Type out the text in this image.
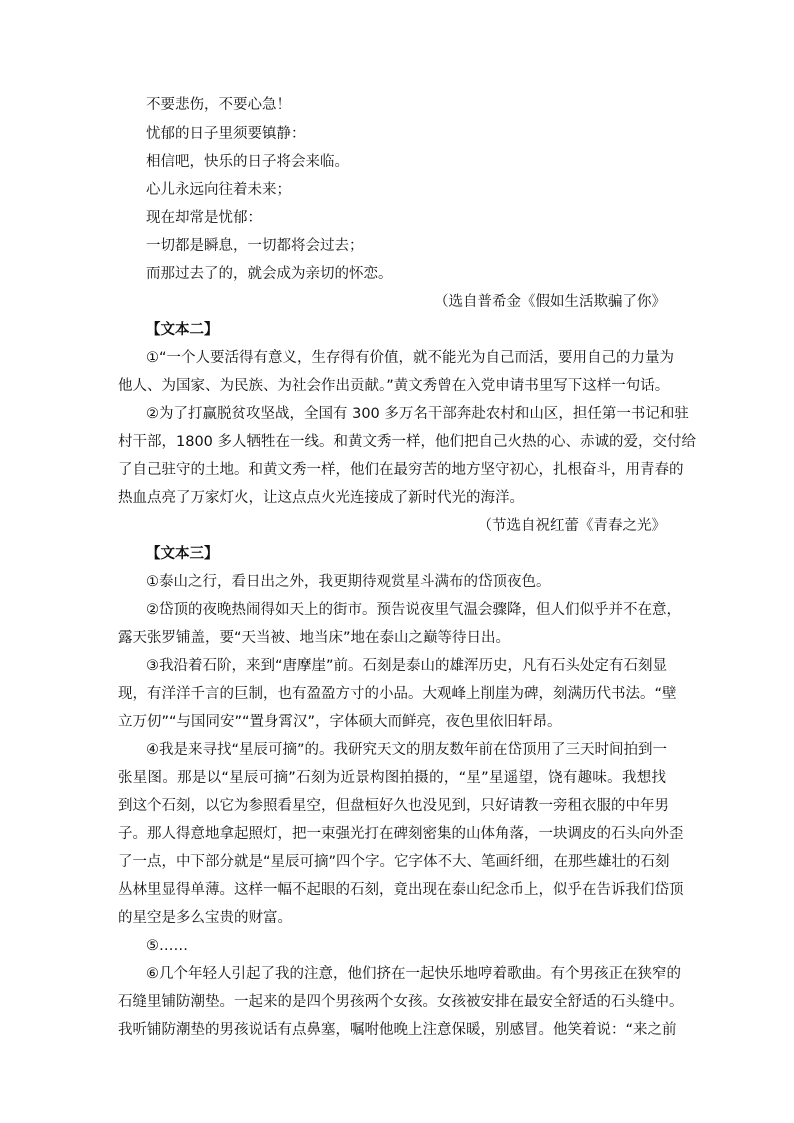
不要悲伤，不要心急！
忧郁的日子里须要镇静：
相信吧，快乐的日子将会来临。
心儿永远向往着未来；
现在却常是忧郁：
一切都是瞬息，一切都将会过去；
而那过去了的，就会成为亲切的怀恋。
（选自普希金《假如生活欺骗了你》
【文本二】
①“一个人要活得有意义，生存得有价值，就不能光为自己而活，要用自己的力量为
他人、为国家、为民族、为社会作出贡献。”黄文秀曾在入党申请书里写下这样一句话。
②为了打赢脱贫攻坚战，全国有 300 多万名干部奔赴农村和山区，担任第一书记和驻
村干部，1800 多人牺牲在一线。和黄文秀一样，他们把自己火热的心、赤诚的爱，交付给
了自己驻守的土地。和黄文秀一样，他们在最穷苦的地方坚守初心，扎根奋斗，用青春的
热血点亮了万家灯火，让这点点火光连接成了新时代光的海洋。
（节选自祝红蕾《青春之光》
【文本三】
①泰山之行，看日出之外，我更期待观赏星斗满布的岱顶夜色。
②岱顶的夜晚热闹得如天上的街市。预告说夜里气温会骤降，但人们似乎并不在意，
露天张罗铺盖，要“天当被、地当床”地在泰山之巅等待日出。
③我沿着石阶，来到“唐摩崖”前。石刻是泰山的雄浑历史，凡有石头处定有石刻显
现，有洋洋千言的巨制，也有盈盈方寸的小品。大观峰上削崖为碑，刻满历代书法。“壁
立万仞”“与国同安”“置身霄汉”，字体硕大而鲜亮，夜色里依旧轩昂。
④我是来寻找“星辰可摘”的。我研究天文的朋友数年前在岱顶用了三天时间拍到一
张星图。那是以“星辰可摘”石刻为近景构图拍摄的，“星”星遥望，饶有趣味。我想找
到这个石刻，以它为参照看星空，但盘桓好久也没见到，只好请教一旁租衣服的中年男
子。那人得意地拿起照灯，把一束强光打在碑刻密集的山体角落，一块调皮的石头向外歪
了一点，中下部分就是“星辰可摘”四个字。它字体不大、笔画纤细，在那些雄壮的石刻
丛林里显得单薄。这样一幅不起眼的石刻，竟出现在泰山纪念币上，似乎在告诉我们岱顶
的星空是多么宝贵的财富。
⑤……
⑥几个年轻人引起了我的注意，他们挤在一起快乐地哼着歌曲。有个男孩正在狭窄的
石缝里铺防潮垫。一起来的是四个男孩两个女孩。女孩被安排在最安全舒适的石头缝中。
我听铺防潮垫的男孩说话有点鼻塞，嘱咐他晚上注意保暖，别感冒。他笑着说：“来之前
